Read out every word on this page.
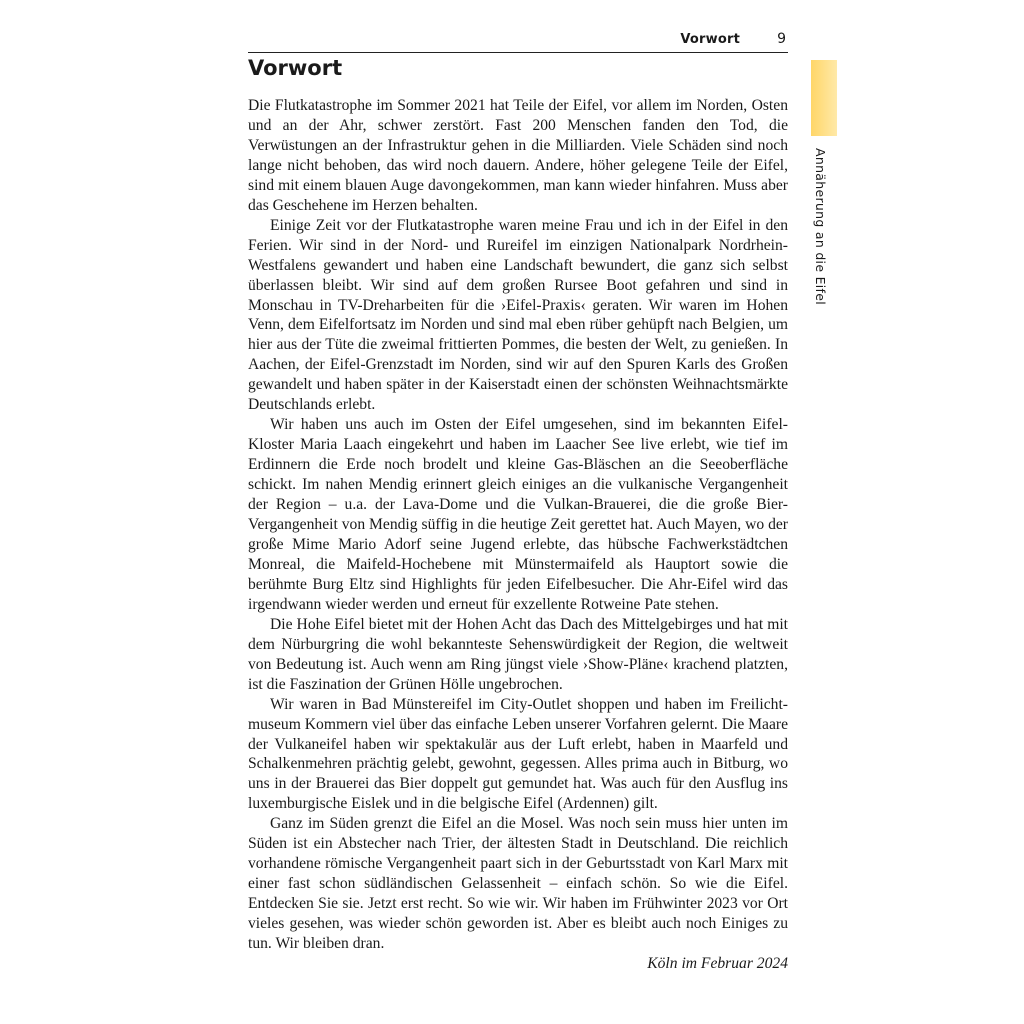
Vorwort	9
Vorwort
Annäherung an die Eifel

Die Flutkatastrophe im Sommer 2021 hat Teile der Eifel, vor allem im Norden, Osten und an der Ahr, schwer zerstört. Fast 200 Menschen fanden den Tod, die Verwüstungen an der Infrastruktur gehen in die Milliarden. Viele Schäden sind noch lange nicht behoben, das wird noch dauern. Andere, höher gelegene Teile der Eifel, sind mit einem blauen Auge davongekommen, man kann wieder hinfahren. Muss aber das Geschehene im Herzen behalten.

Einige Zeit vor der Flutkatastrophe waren meine Frau und ich in der Eifel in den Ferien. Wir sind in der Nord- und Rureifel im einzigen Nationalpark Nordrhein-Westfalens gewandert und haben eine Landschaft bewundert, die ganz sich selbst überlassen bleibt. Wir sind auf dem großen Rursee Boot gefahren und sind in Monschau in TV-Dreharbeiten für die ›Eifel-Praxis‹ geraten. Wir waren im Hohen Venn, dem Eifelfortsatz im Norden und sind mal eben rüber gehüpft nach Belgien, um hier aus der Tüte die zweimal frittierten Pommes, die besten der Welt, zu genießen. In Aachen, der Eifel-Grenzstadt im Norden, sind wir auf den Spuren Karls des Großen gewandelt und haben später in der Kaiserstadt einen der schönsten Weihnachtsmärkte Deutschlands erlebt.

Wir haben uns auch im Osten der Eifel umgesehen, sind im bekannten Eifel-Kloster Maria Laach eingekehrt und haben im Laacher See live erlebt, wie tief im Erdinnern die Erde noch brodelt und kleine Gas-Bläschen an die Seeoberfläche schickt. Im nahen Mendig erinnert gleich einiges an die vulkanische Vergangenheit der Region – u.a. der Lava-Dome und die Vulkan-Brauerei, die die große Bier-Vergangenheit von Mendig süffig in die heutige Zeit gerettet hat. Auch Mayen, wo der große Mime Mario Adorf seine Jugend erlebte, das hübsche Fachwerkstädtchen Monreal, die Maifeld-Hochebene mit Münstermaifeld als Hauptort sowie die berühmte Burg Eltz sind Highlights für jeden Eifelbesucher. Die Ahr-Eifel wird das irgendwann wieder werden und erneut für exzellente Rotweine Pate stehen.

Die Hohe Eifel bietet mit der Hohen Acht das Dach des Mittelgebirges und hat mit dem Nürburgring die wohl bekannteste Sehenswürdigkeit der Region, die weltweit von Bedeutung ist. Auch wenn am Ring jüngst viele ›Show-Pläne‹ krachend platzten, ist die Faszination der Grünen Hölle ungebrochen.

Wir waren in Bad Münstereifel im City-Outlet shoppen und haben im Freilichtmuseum Kommern viel über das einfache Leben unserer Vorfahren gelernt. Die Maare der Vulkaneifel haben wir spektakulär aus der Luft erlebt, haben in Maarfeld und Schalkenmehren prächtig gelebt, gewohnt, gegessen. Alles prima auch in Bitburg, wo uns in der Brauerei das Bier doppelt gut gemundet hat. Was auch für den Ausflug ins luxemburgische Eislek und in die belgische Eifel (Ardennen) gilt.

Ganz im Süden grenzt die Eifel an die Mosel. Was noch sein muss hier unten im Süden ist ein Abstecher nach Trier, der ältesten Stadt in Deutschland. Die reichlich vorhandene römische Vergangenheit paart sich in der Geburtsstadt von Karl Marx mit einer fast schon südländischen Gelassenheit – einfach schön. So wie die Eifel. Entdecken Sie sie. Jetzt erst recht. So wie wir. Wir haben im Frühwinter 2023 vor Ort vieles gesehen, was wieder schön geworden ist. Aber es bleibt auch noch Einiges zu tun. Wir bleiben dran.

Köln im Februar 2024
